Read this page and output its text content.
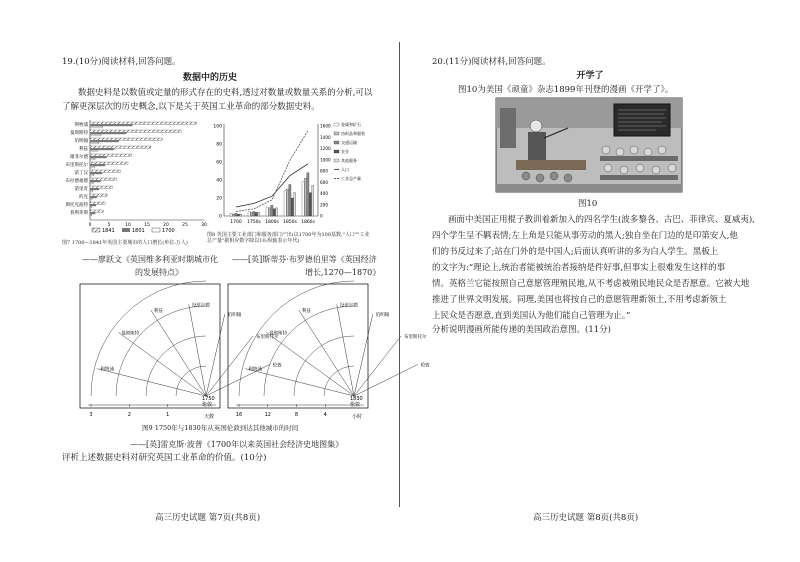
19.(10分)阅读材料,回答问题。
数据中的历史
数据史料是以数值或定量的形式存在的史料,透过对数量或数量关系的分析,可以
了解更深层次的历史概念,以下是关于英国工业革命的部分数据史料。
利物浦
曼彻斯特
伯明翰
利兹
谢菲尔德
布里斯托尔
诺丁汉
布拉德福德
诺里奇
约克
斯托克波特
普利茅斯
0	5	10	15	20	25	30
1841	1801	1700
图7 1700—1841年英国主要城市的人口增长(单位:万人)
1700 1750s 1800s 1850s 1860s
0
20
40
60
80
100
0
200
400
600
800
1000
1200
1400
1600	金属和矿石
纺织品和服装
交通运输
农业
其他服务
人口
工业总产量
图8 英国主要工业部门和服务部门产出(以1700年为100基数,"人口""工业总产量"据相应数字除以10;纵轴表示年代)
——廖跃文《英国维多利亚时期城市化
的发展特点》
——[英]斯蒂芬·布罗德伯里等《英国经济
增长,1270—1870》
利物浦
曼彻斯特
利兹
设菲尔德
伯明翰
布里斯托尔
伦敦
3	2	1
利物浦
曼彻斯特
利兹
设菲尔德
伯明翰
布里斯托尔
伦敦
16	12	8	4
1750
伦敦
1830
伦敦
天数	小时
图9 1750年与1830年从英国伦敦到达其他城市的时间
——[英]雷克斯·波普《1700年以来英国社会经济史地图集》
评析上述数据史料对研究英国工业革命的价值。(10分)
高三历史试题 第7页(共8页)
20.(11分)阅读材料,回答问题。
开学了
图10为美国《顽童》杂志1899年刊登的漫画《开学了》。
图10
画面中美国正用棍子教训着新加入的四名学生(波多黎各、古巴、菲律宾、夏威夷),
四个学生呈不羁表情;左上角是只能从事劳动的黑人;独自坐在门边的是印第安人,他
们的书反过来了;站在门外的是中国人;后面认真听讲的多为白人学生。黑板上
的文字为:“理论上,统治者能被统治者接纳是件好事,但事实上很难发生这样的事
情。英格兰它能按照自己意愿管理殖民地,从不考虑被殖民地民众是否愿意。它被大地
推进了世界文明发展。同理,美国也将按自己的意愿管理新领土,不用考虑新领土
上民众是否愿意,直到美国认为他们能自己管理为止。”
分析说明漫画所能传递的美国政治意图。(11分)
高三历史试题 第8页(共8页)
